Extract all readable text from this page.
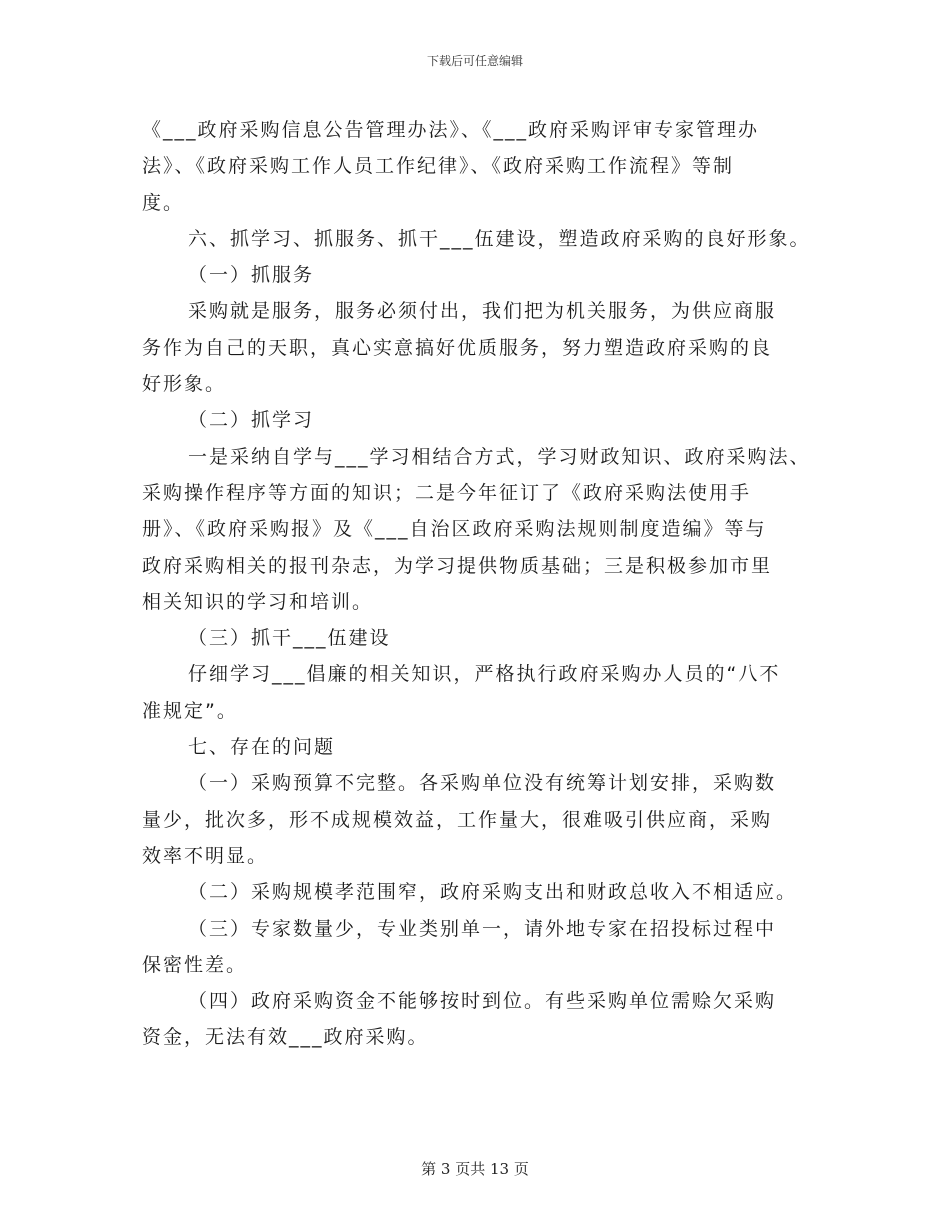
下载后可任意编辑
《___政府采购信息公告管理办法》、《___政府采购评审专家管理办
法》、《政府采购工作人员工作纪律》、《政府采购工作流程》等制
度。
六、抓学习、抓服务、抓干___伍建设，塑造政府采购的良好形象。
（一）抓服务
采购就是服务，服务必须付出，我们把为机关服务，为供应商服
务作为自己的天职，真心实意搞好优质服务，努力塑造政府采购的良
好形象。
（二）抓学习
一是采纳自学与___学习相结合方式，学习财政知识、政府采购法、
采购操作程序等方面的知识；二是今年征订了《政府采购法使用手
册》、《政府采购报》及《___自治区政府采购法规则制度造编》等与
政府采购相关的报刊杂志，为学习提供物质基础；三是积极参加市里
相关知识的学习和培训。
（三）抓干___伍建设
仔细学习___倡廉的相关知识，严格执行政府采购办人员的“八不
准规定”。
七、存在的问题
（一）采购预算不完整。各采购单位没有统筹计划安排，采购数
量少，批次多，形不成规模效益，工作量大，很难吸引供应商，采购
效率不明显。
（二）采购规模孝范围窄，政府采购支出和财政总收入不相适应。
（三）专家数量少，专业类别单一，请外地专家在招投标过程中
保密性差。
（四）政府采购资金不能够按时到位。有些采购单位需赊欠采购
资金，无法有效___政府采购。
第 3 页共 13 页
